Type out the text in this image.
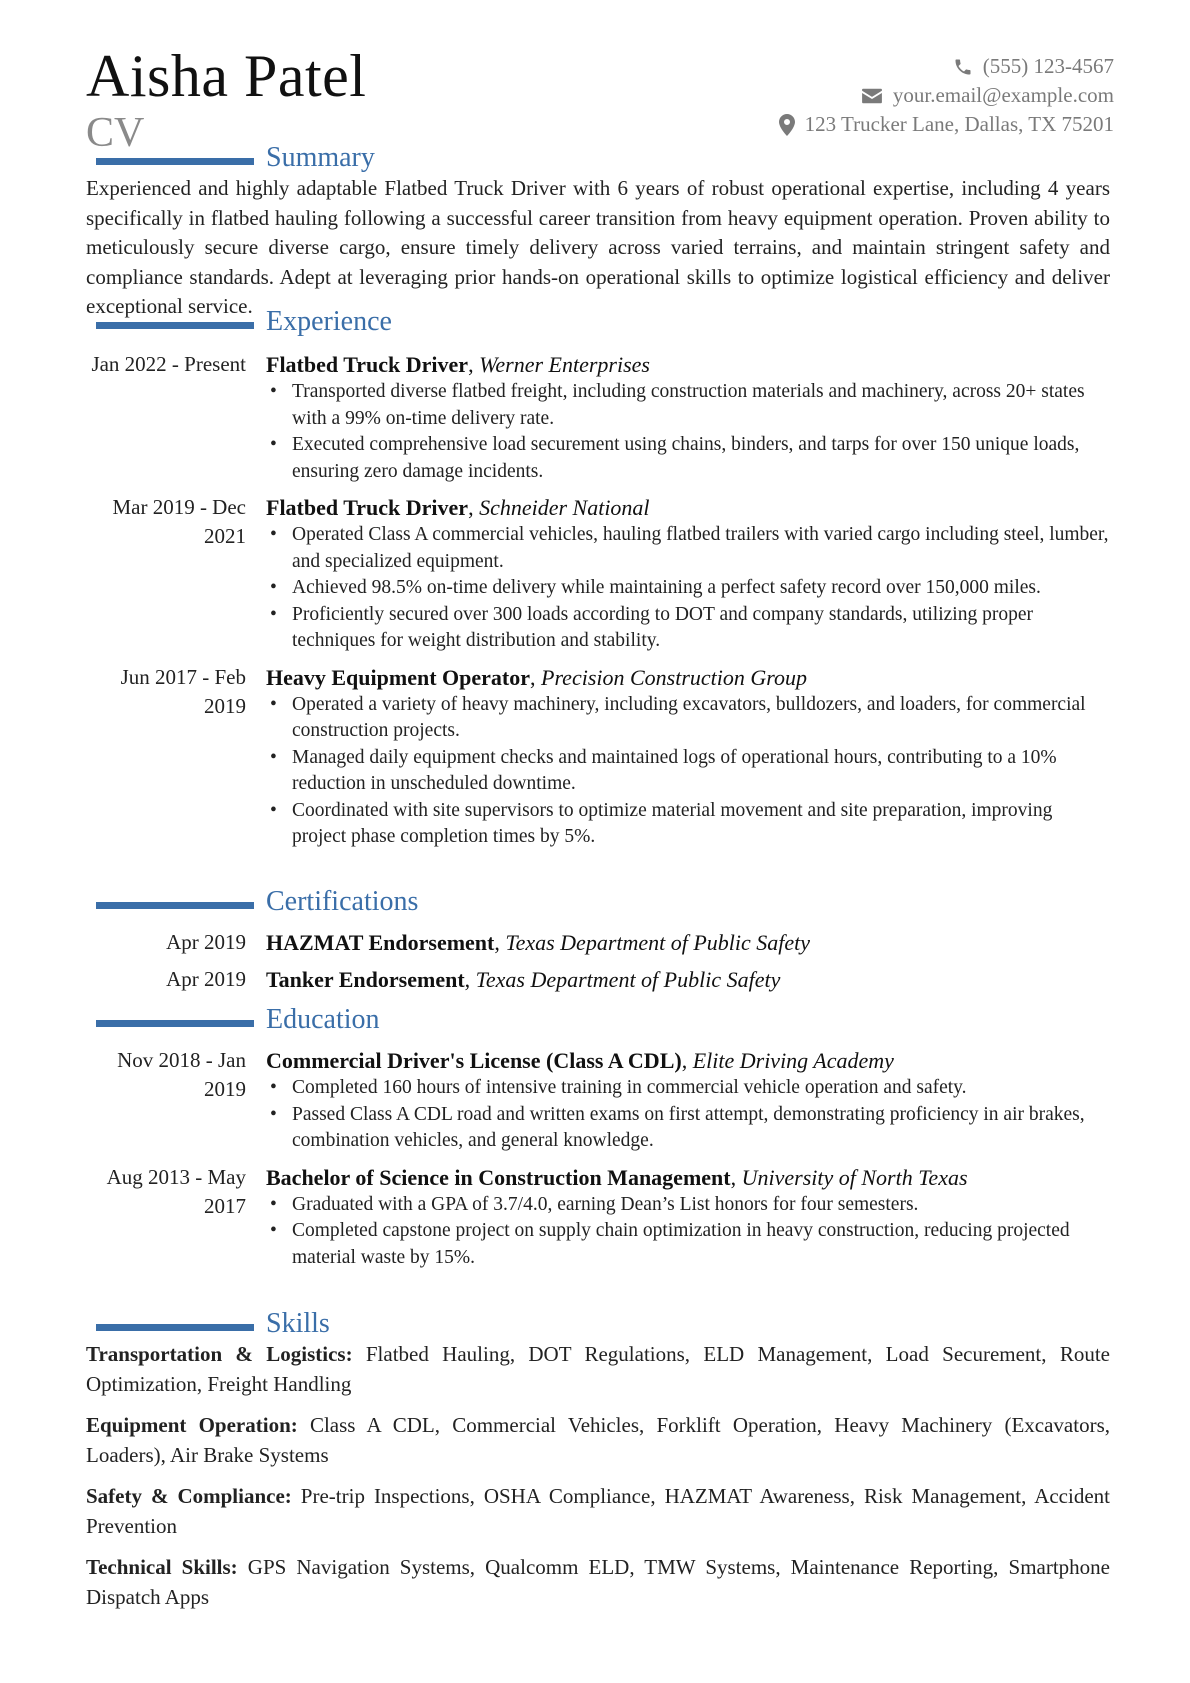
Aisha Patel
CV
(555) 123-4567
your.email@example.com
123 Trucker Lane, Dallas, TX 75201
Summary
Experienced and highly adaptable Flatbed Truck Driver with 6 years of robust operational expertise, including 4 years specifically in flatbed hauling following a successful career transition from heavy equipment operation. Proven ability to meticulously secure diverse cargo, ensure timely delivery across varied terrains, and maintain stringent safety and compliance standards. Adept at leveraging prior hands-on operational skills to optimize logistical efficiency and deliver exceptional service. Experience
Jan 2022 - Present Flatbed Truck Driver, Werner Enterprises
• Transported diverse flatbed freight, including construction materials and machinery, across 20+ states with a 99% on-time delivery rate.
• Executed comprehensive load securement using chains, binders, and tarps for over 150 unique loads, ensuring zero damage incidents.
Mar 2019 - Dec 2021
Flatbed Truck Driver, Schneider National
• Operated Class A commercial vehicles, hauling flatbed trailers with varied cargo including steel, lumber, and specialized equipment.
• Achieved 98.5% on-time delivery while maintaining a perfect safety record over 150,000 miles.
• Proficiently secured over 300 loads according to DOT and company standards, utilizing proper techniques for weight distribution and stability.
Jun 2017 - Feb 2019
Heavy Equipment Operator, Precision Construction Group
• Operated a variety of heavy machinery, including excavators, bulldozers, and loaders, for commercial construction projects.
• Managed daily equipment checks and maintained logs of operational hours, contributing to a 10% reduction in unscheduled downtime.
• Coordinated with site supervisors to optimize material movement and site preparation, improving project phase completion times by 5%.
Certifications
Apr 2019 HAZMAT Endorsement, Texas Department of Public Safety
Apr 2019 Tanker Endorsement, Texas Department of Public Safety
Education
Nov 2018 - Jan 2019
Commercial Driver's License (Class A CDL), Elite Driving Academy
• Completed 160 hours of intensive training in commercial vehicle operation and safety.
• Passed Class A CDL road and written exams on first attempt, demonstrating proficiency in air brakes, combination vehicles, and general knowledge.
Aug 2013 - May 2017
Bachelor of Science in Construction Management, University of North Texas
• Graduated with a GPA of 3.7/4.0, earning Dean’s List honors for four semesters.
• Completed capstone project on supply chain optimization in heavy construction, reducing projected material waste by 15%.
Skills
Transportation & Logistics: Flatbed Hauling, DOT Regulations, ELD Management, Load Securement, Route Optimization, Freight Handling
Equipment Operation: Class A CDL, Commercial Vehicles, Forklift Operation, Heavy Machinery (Excavators, Loaders), Air Brake Systems
Safety & Compliance: Pre-trip Inspections, OSHA Compliance, HAZMAT Awareness, Risk Management, Accident Prevention
Technical Skills: GPS Navigation Systems, Qualcomm ELD, TMW Systems, Maintenance Reporting, Smartphone Dispatch Apps
